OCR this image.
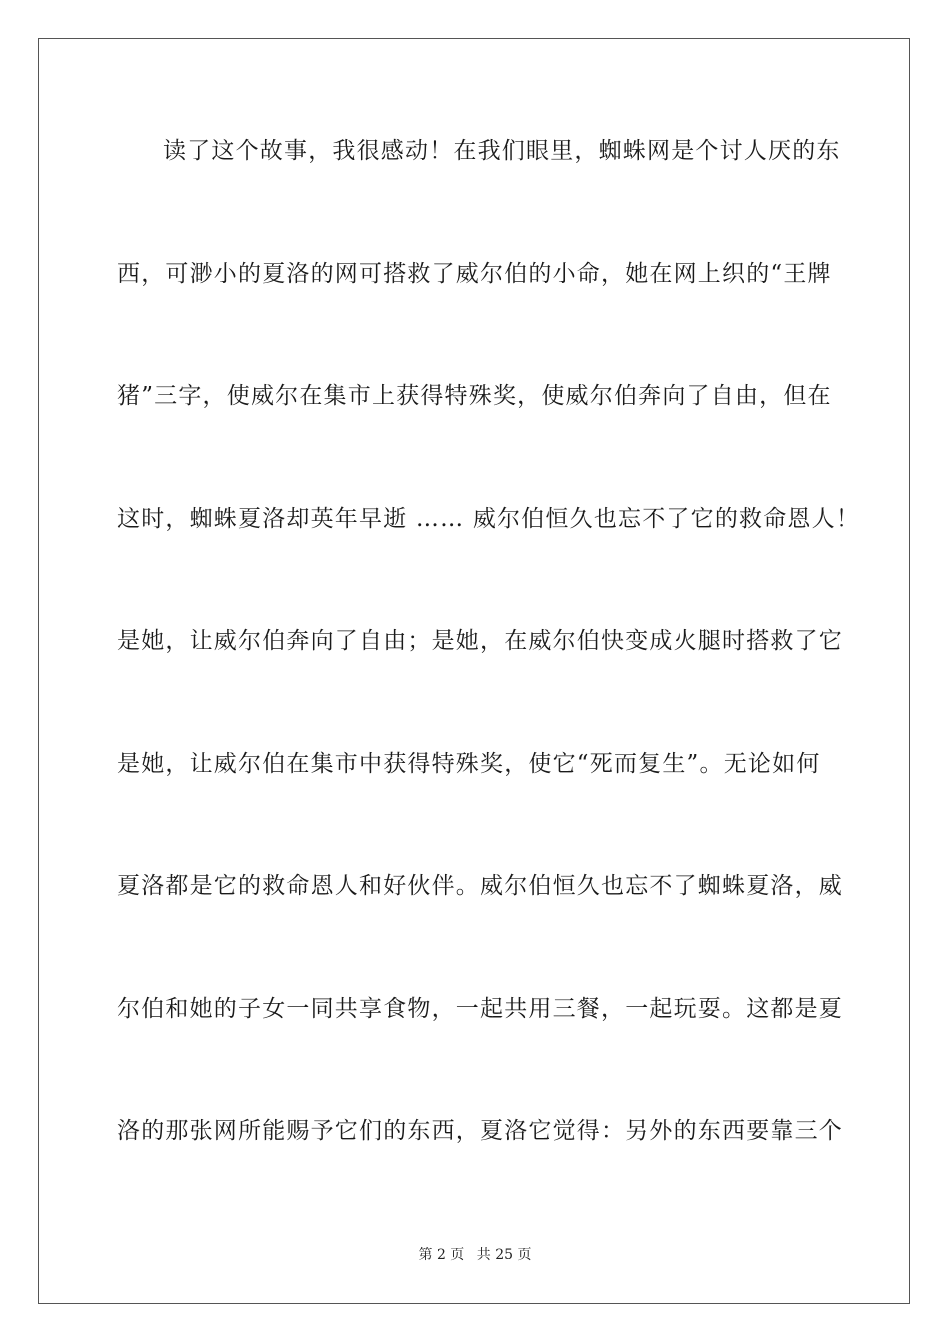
读了这个故事，我很感动！在我们眼里，蜘蛛网是个讨人厌的东
西，可渺小的夏洛的网可搭救了威尔伯的小命，她在网上织的“王牌
猪”三字，使威尔在集市上获得特殊奖，使威尔伯奔向了自由，但在
这时，蜘蛛夏洛却英年早逝 …… 威尔伯恒久也忘不了它的救命恩人！
是她，让威尔伯奔向了自由；是她，在威尔伯快变成火腿时搭救了它
是她，让威尔伯在集市中获得特殊奖，使它“死而复生”。无论如何
夏洛都是它的救命恩人和好伙伴。威尔伯恒久也忘不了蜘蛛夏洛，威
尔伯和她的子女一同共享食物，一起共用三餐，一起玩耍。这都是夏
洛的那张网所能赐予它们的东西，夏洛它觉得：另外的东西要靠三个
第 2 页 共 25 页
